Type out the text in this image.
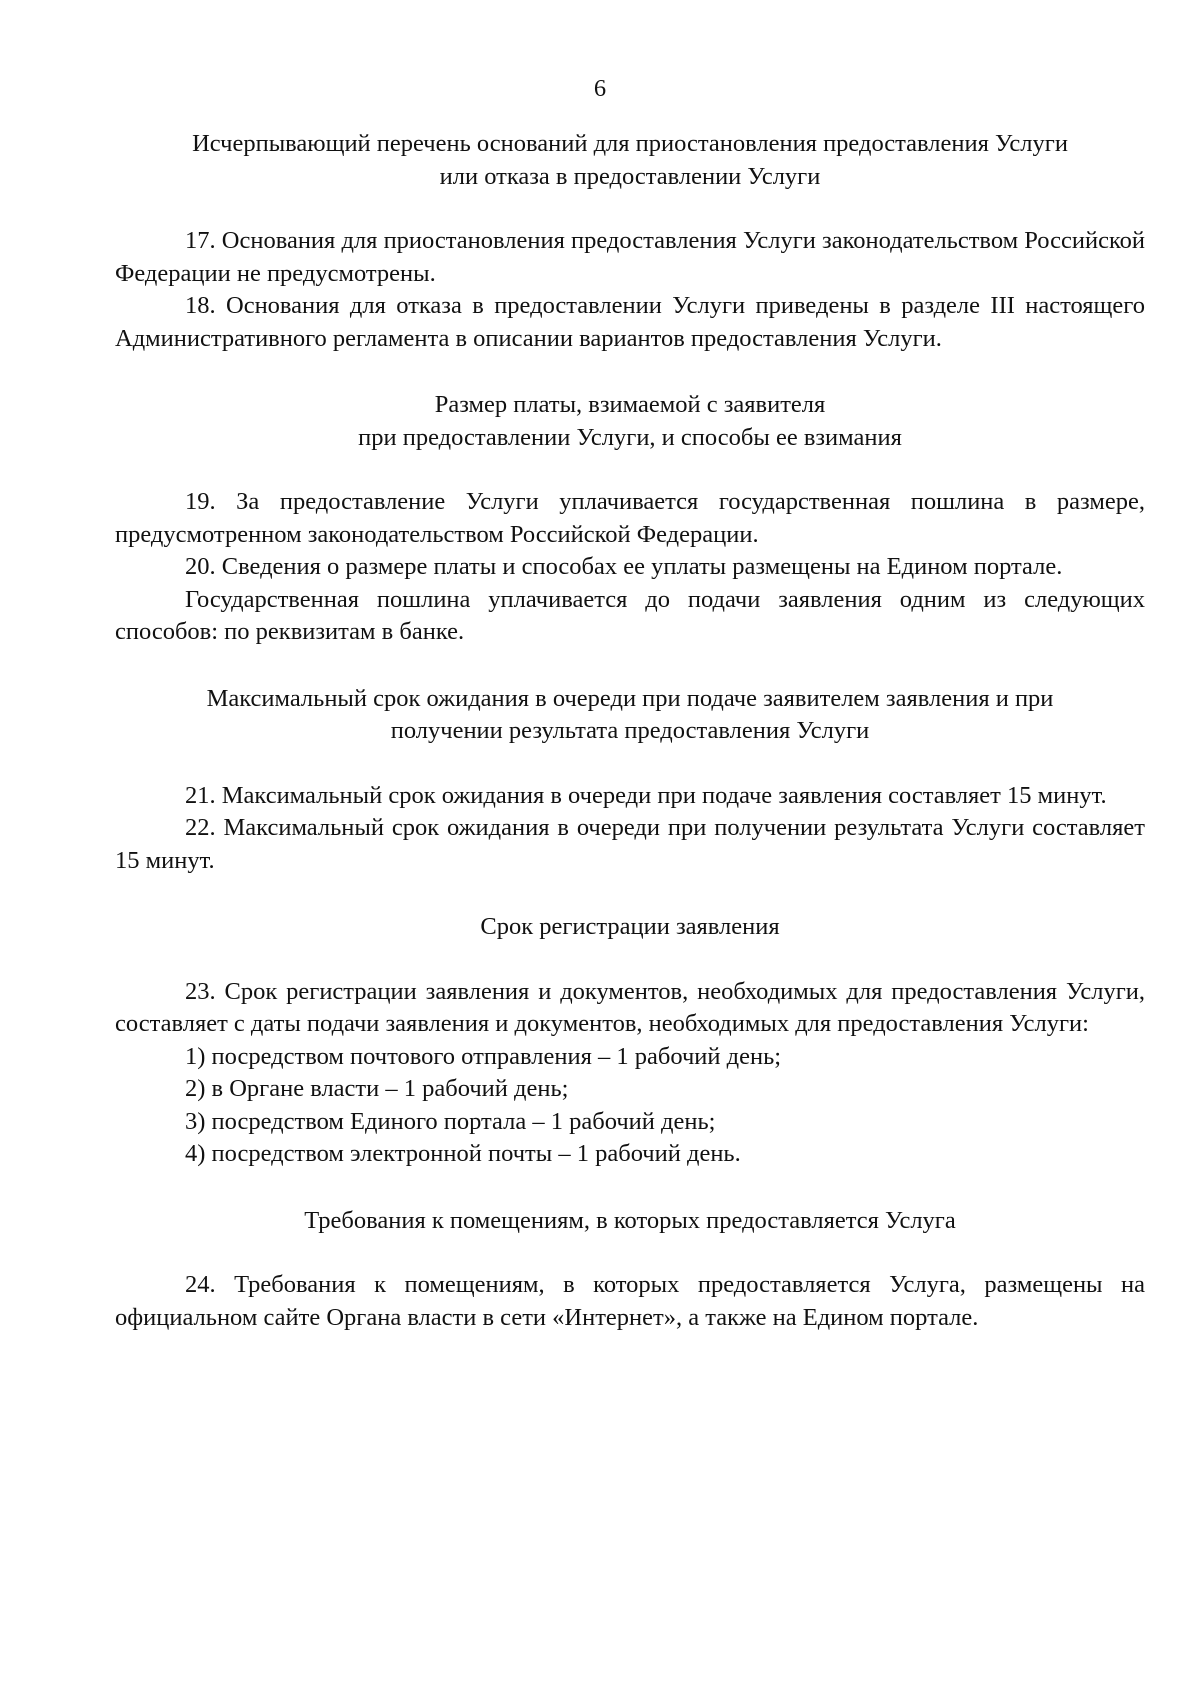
6
Исчерпывающий перечень оснований для приостановления предоставления Услуги
или отказа в предоставлении Услуги

17. Основания для приостановления предоставления Услуги законодательством Российской Федерации не предусмотрены.

18. Основания для отказа в предоставлении Услуги приведены в разделе III настоящего Административного регламента в описании вариантов предоставления Услуги.

Размер платы, взимаемой с заявителя
при предоставлении Услуги, и способы ее взимания

19. За предоставление Услуги уплачивается государственная пошлина в размере, предусмотренном законодательством Российской Федерации.

20. Сведения о размере платы и способах ее уплаты размещены на Едином портале.

Государственная пошлина уплачивается до подачи заявления одним из следующих способов: по реквизитам в банке.

Максимальный срок ожидания в очереди при подаче заявителем заявления и при
получении результата предоставления Услуги

21. Максимальный срок ожидания в очереди при подаче заявления составляет 15 минут.

22. Максимальный срок ожидания в очереди при получении результата Услуги составляет 15 минут.

Срок регистрации заявления

23. Срок регистрации заявления и документов, необходимых для предоставления Услуги, составляет с даты подачи заявления и документов, необходимых для предоставления Услуги:

1) посредством почтового отправления – 1 рабочий день;

2) в Органе власти – 1 рабочий день;

3) посредством Единого портала – 1 рабочий день;

4) посредством электронной почты – 1 рабочий день.

Требования к помещениям, в которых предоставляется Услуга

24. Требования к помещениям, в которых предоставляется Услуга, размещены на официальном сайте Органа власти в сети «Интернет», а также на Едином портале.
